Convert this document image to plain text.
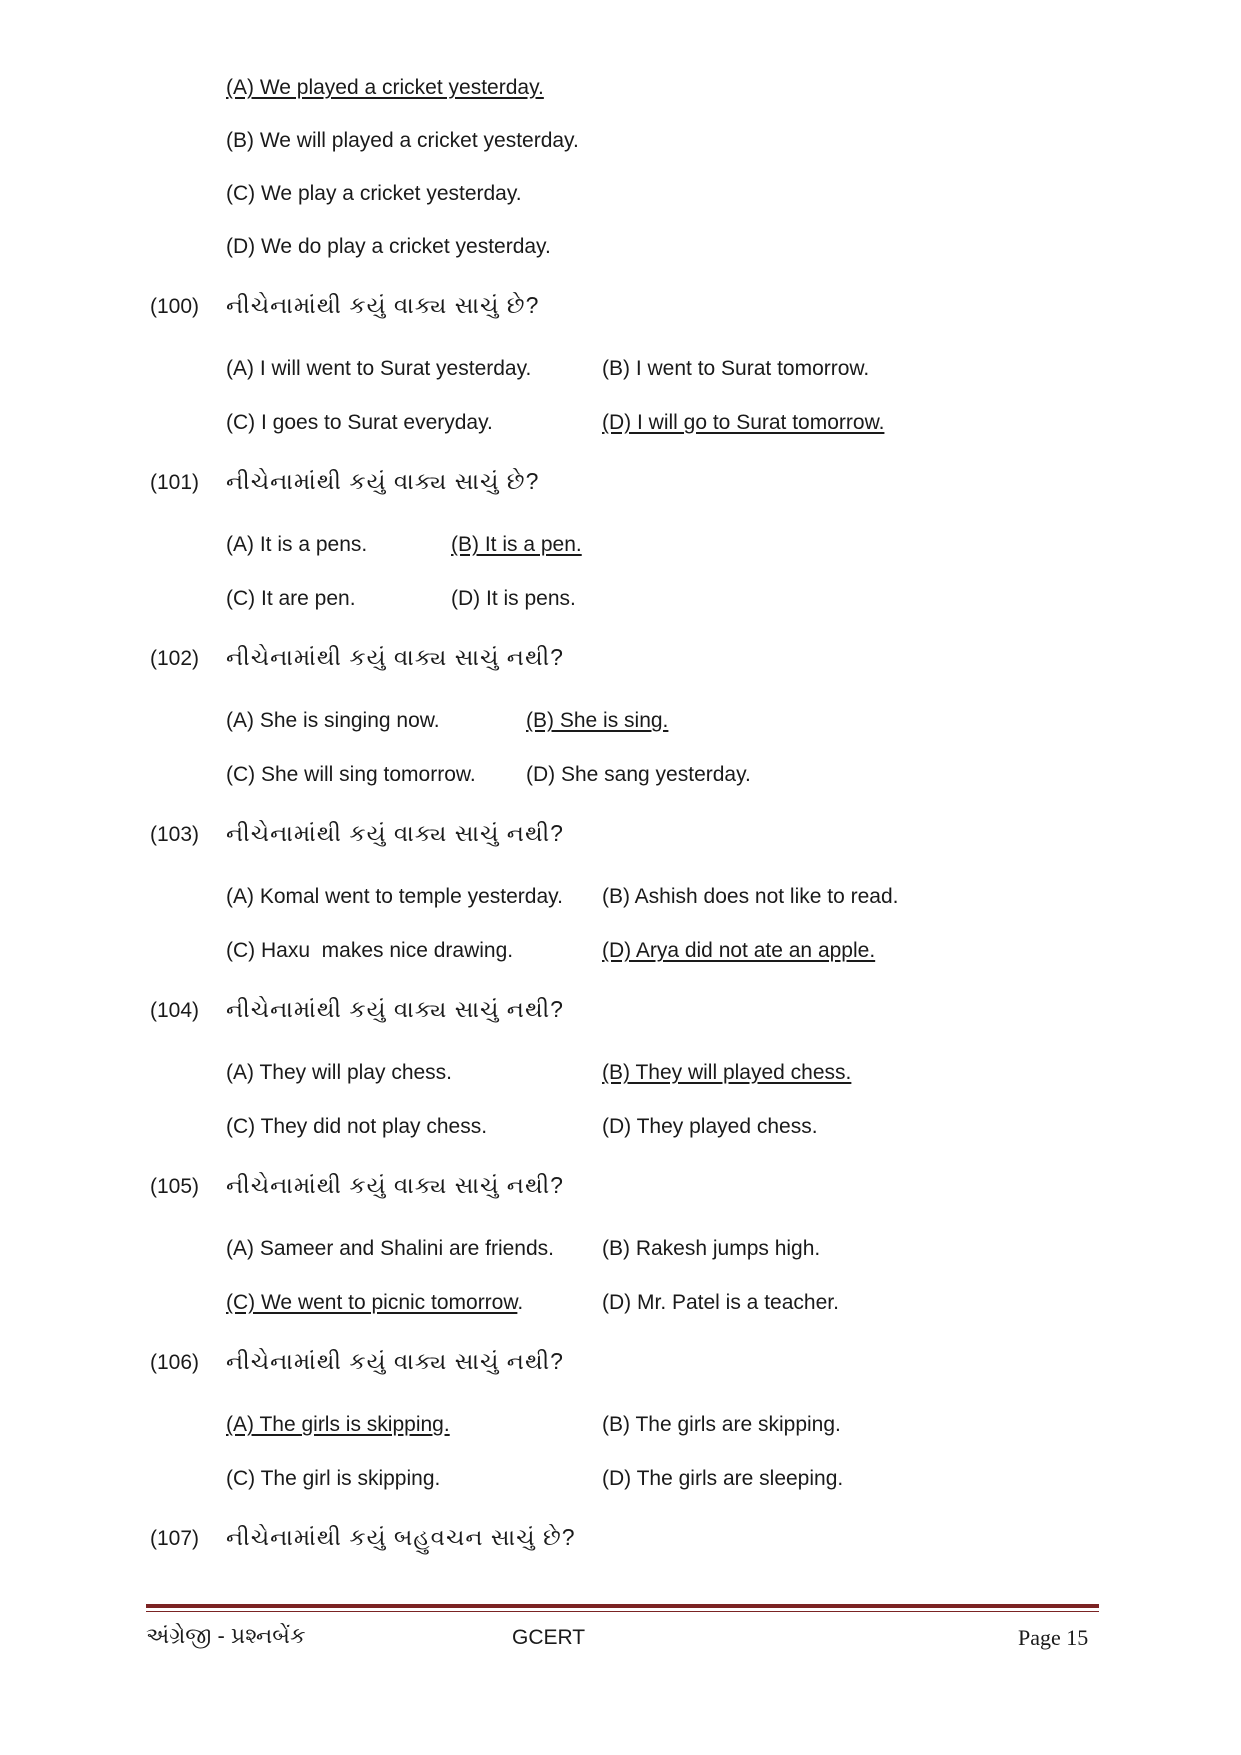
(A) We played a cricket yesterday.
(B) We will played a cricket yesterday.
(C) We play a cricket yesterday.
(D) We do play a cricket yesterday.
(100) નીચેનામાંથી કયું વાક્ય સાચું છે?
(A) I will went to Surat yesterday.	(B) I went to Surat tomorrow.
(C) I goes to Surat everyday.	(D) I will go to Surat tomorrow.
(101) નીચેનામાંથી કયું વાક્ય સાચું છે?
(A) It is a pens.	(B) It is a pen.
(C) It are pen.	(D) It is pens.
(102) નીચેનામાંથી કયું વાક્ય સાચું નથી?
(A) She is singing now.	(B) She is sing.
(C) She will sing tomorrow. (D) She sang yesterday.
(103) નીચેનામાંથી કયું વાક્ય સાચું નથી?
(A) Komal went to temple yesterday. (B) Ashish does not like to read.
(C) Haxu  makes nice drawing.	(D) Arya did not ate an apple.
(104) નીચેનામાંથી કયું વાક્ય સાચું નથી?
(A) They will play chess.	(B) They will played chess.
(C) They did not play chess.	(D) They played chess.
(105) નીચેનામાંથી કયું વાક્ય સાચું નથી?
(A) Sameer and Shalini are friends. (B) Rakesh jumps high.
(C) We went to picnic tomorrow.	(D) Mr. Patel is a teacher.
(106) નીચેનામાંથી કયું વાક્ય સાચું નથી?
(A) The girls is skipping.	(B) The girls are skipping.
(C) The girl is skipping.	(D) The girls are sleeping.
(107) નીચેનામાંથી કયું બહુવચન સાચું છે?
અંગ્રેજી - પ્રશ્નબેંક	GCERT	Page 15
